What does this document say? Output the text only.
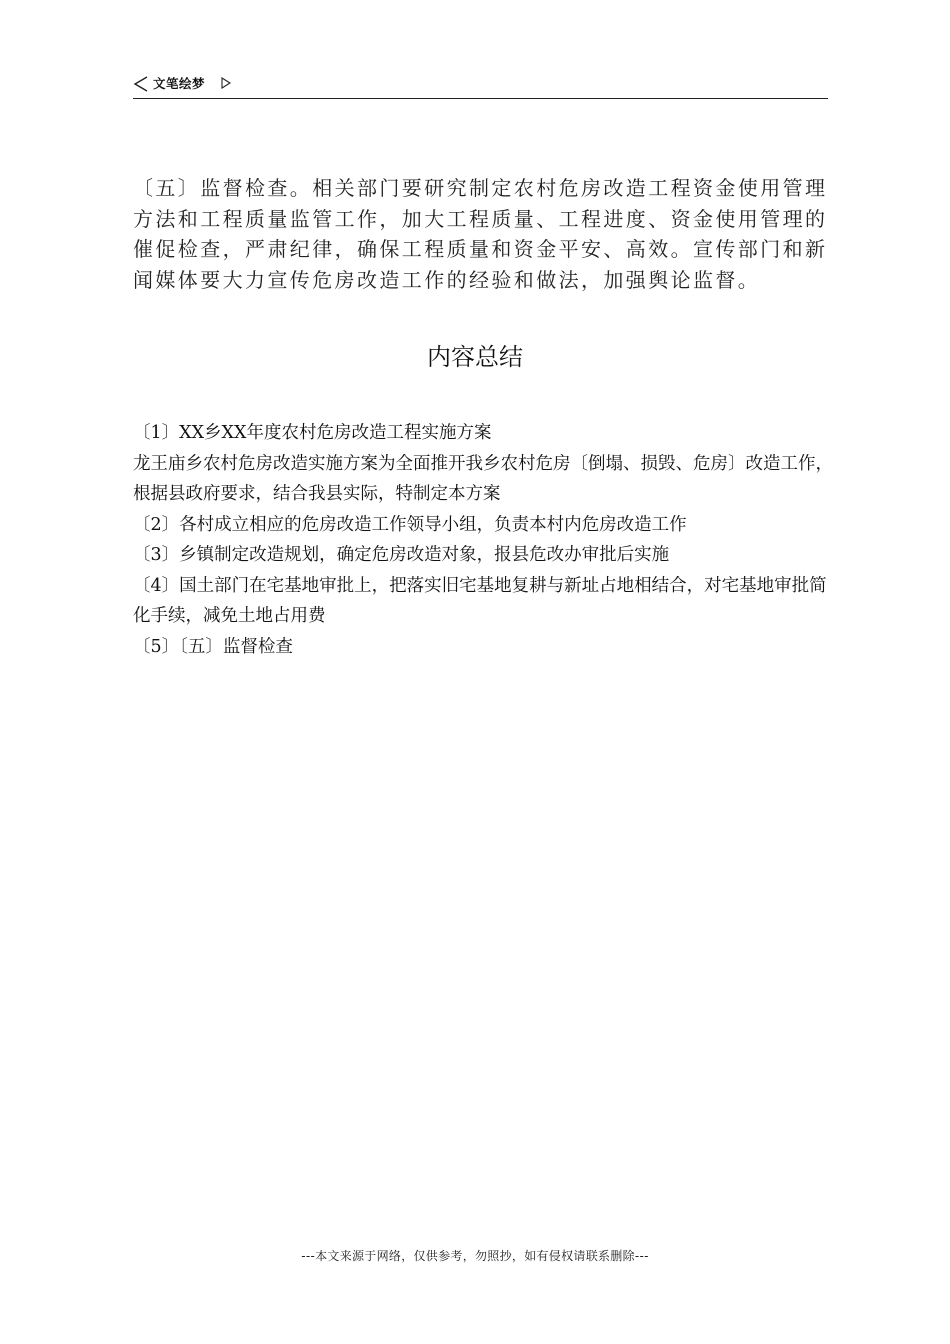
文笔绘梦

〔五〕监督检查。相关部门要研究制定农村危房改造工程资金使用管理方法和工程质量监管工作，加大工程质量、工程进度、资金使用管理的催促检查，严肃纪律，确保工程质量和资金平安、高效。宣传部门和新闻媒体要大力宣传危房改造工作的经验和做法，加强舆论监督。

内容总结

〔1〕XX乡XX年度农村危房改造工程实施方案

龙王庙乡农村危房改造实施方案为全面推开我乡农村危房〔倒塌、损毁、危房〕改造工作，根据县政府要求，结合我县实际，特制定本方案

〔2〕各村成立相应的危房改造工作领导小组，负责本村内危房改造工作

〔3〕乡镇制定改造规划，确定危房改造对象，报县危改办审批后实施

〔4〕国土部门在宅基地审批上，把落实旧宅基地复耕与新址占地相结合，对宅基地审批简化手续，减免土地占用费

〔5〕〔五〕监督检查

---本文来源于网络，仅供参考，勿照抄，如有侵权请联系删除---
